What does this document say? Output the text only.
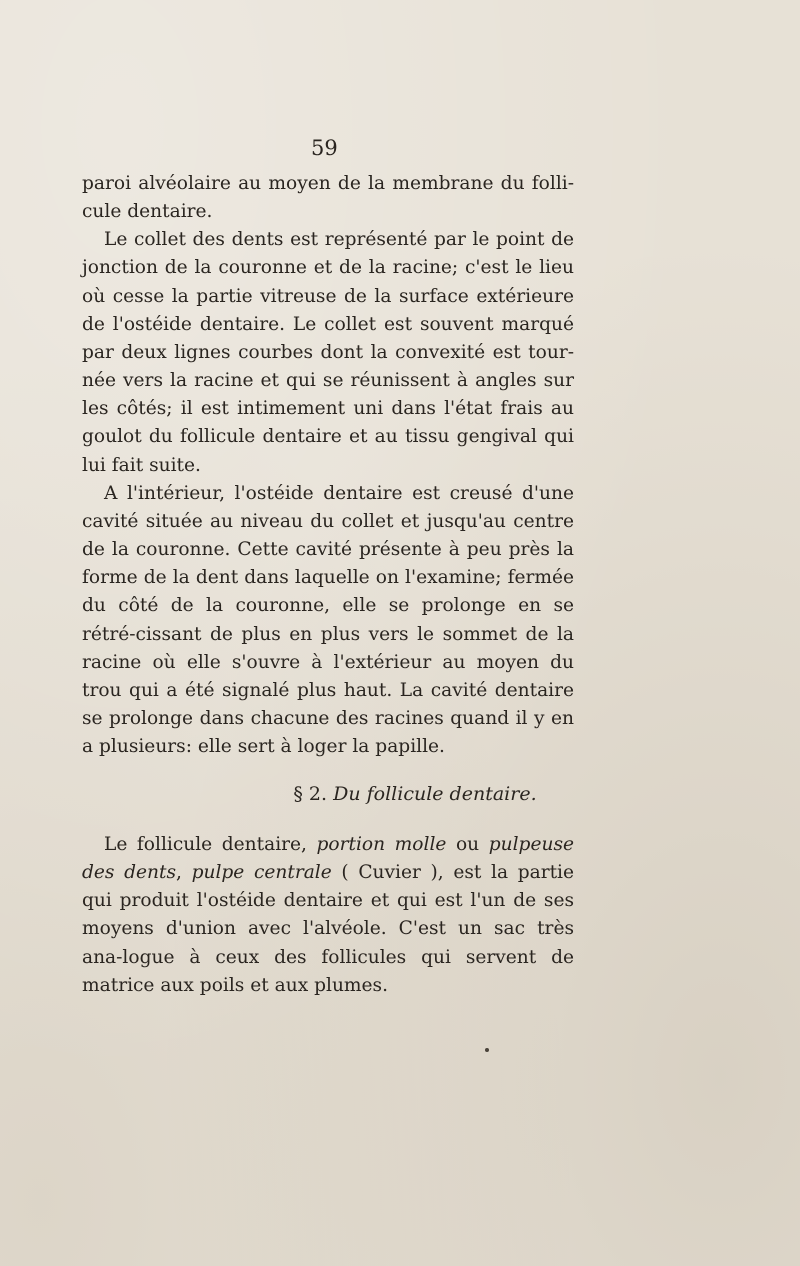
59

paroi alvéolaire au moyen de la membrane du folli-cule dentaire.

Le collet des dents est représenté par le point de jonction de la couronne et de la racine; c'est le lieu où cesse la partie vitreuse de la surface extérieure de l'ostéide dentaire. Le collet est souvent marqué par deux lignes courbes dont la convexité est tour-née vers la racine et qui se réunissent à angles sur les côtés; il est intimement uni dans l'état frais au goulot du follicule dentaire et au tissu gengival qui lui fait suite.

A l'intérieur, l'ostéide dentaire est creusé d'une cavité située au niveau du collet et jusqu'au centre de la couronne. Cette cavité présente à peu près la forme de la dent dans laquelle on l'examine; fermée du côté de la couronne, elle se prolonge en se rétré-cissant de plus en plus vers le sommet de la racine où elle s'ouvre à l'extérieur au moyen du trou qui a été signalé plus haut. La cavité dentaire se prolonge dans chacune des racines quand il y en a plusieurs: elle sert à loger la papille.

§ 2. Du follicule dentaire.

Le follicule dentaire, portion molle ou pulpeuse des dents, pulpe centrale ( Cuvier ), est la partie qui produit l'ostéide dentaire et qui est l'un de ses moyens d'union avec l'alvéole. C'est un sac très ana-logue à ceux des follicules qui servent de matrice aux poils et aux plumes.
